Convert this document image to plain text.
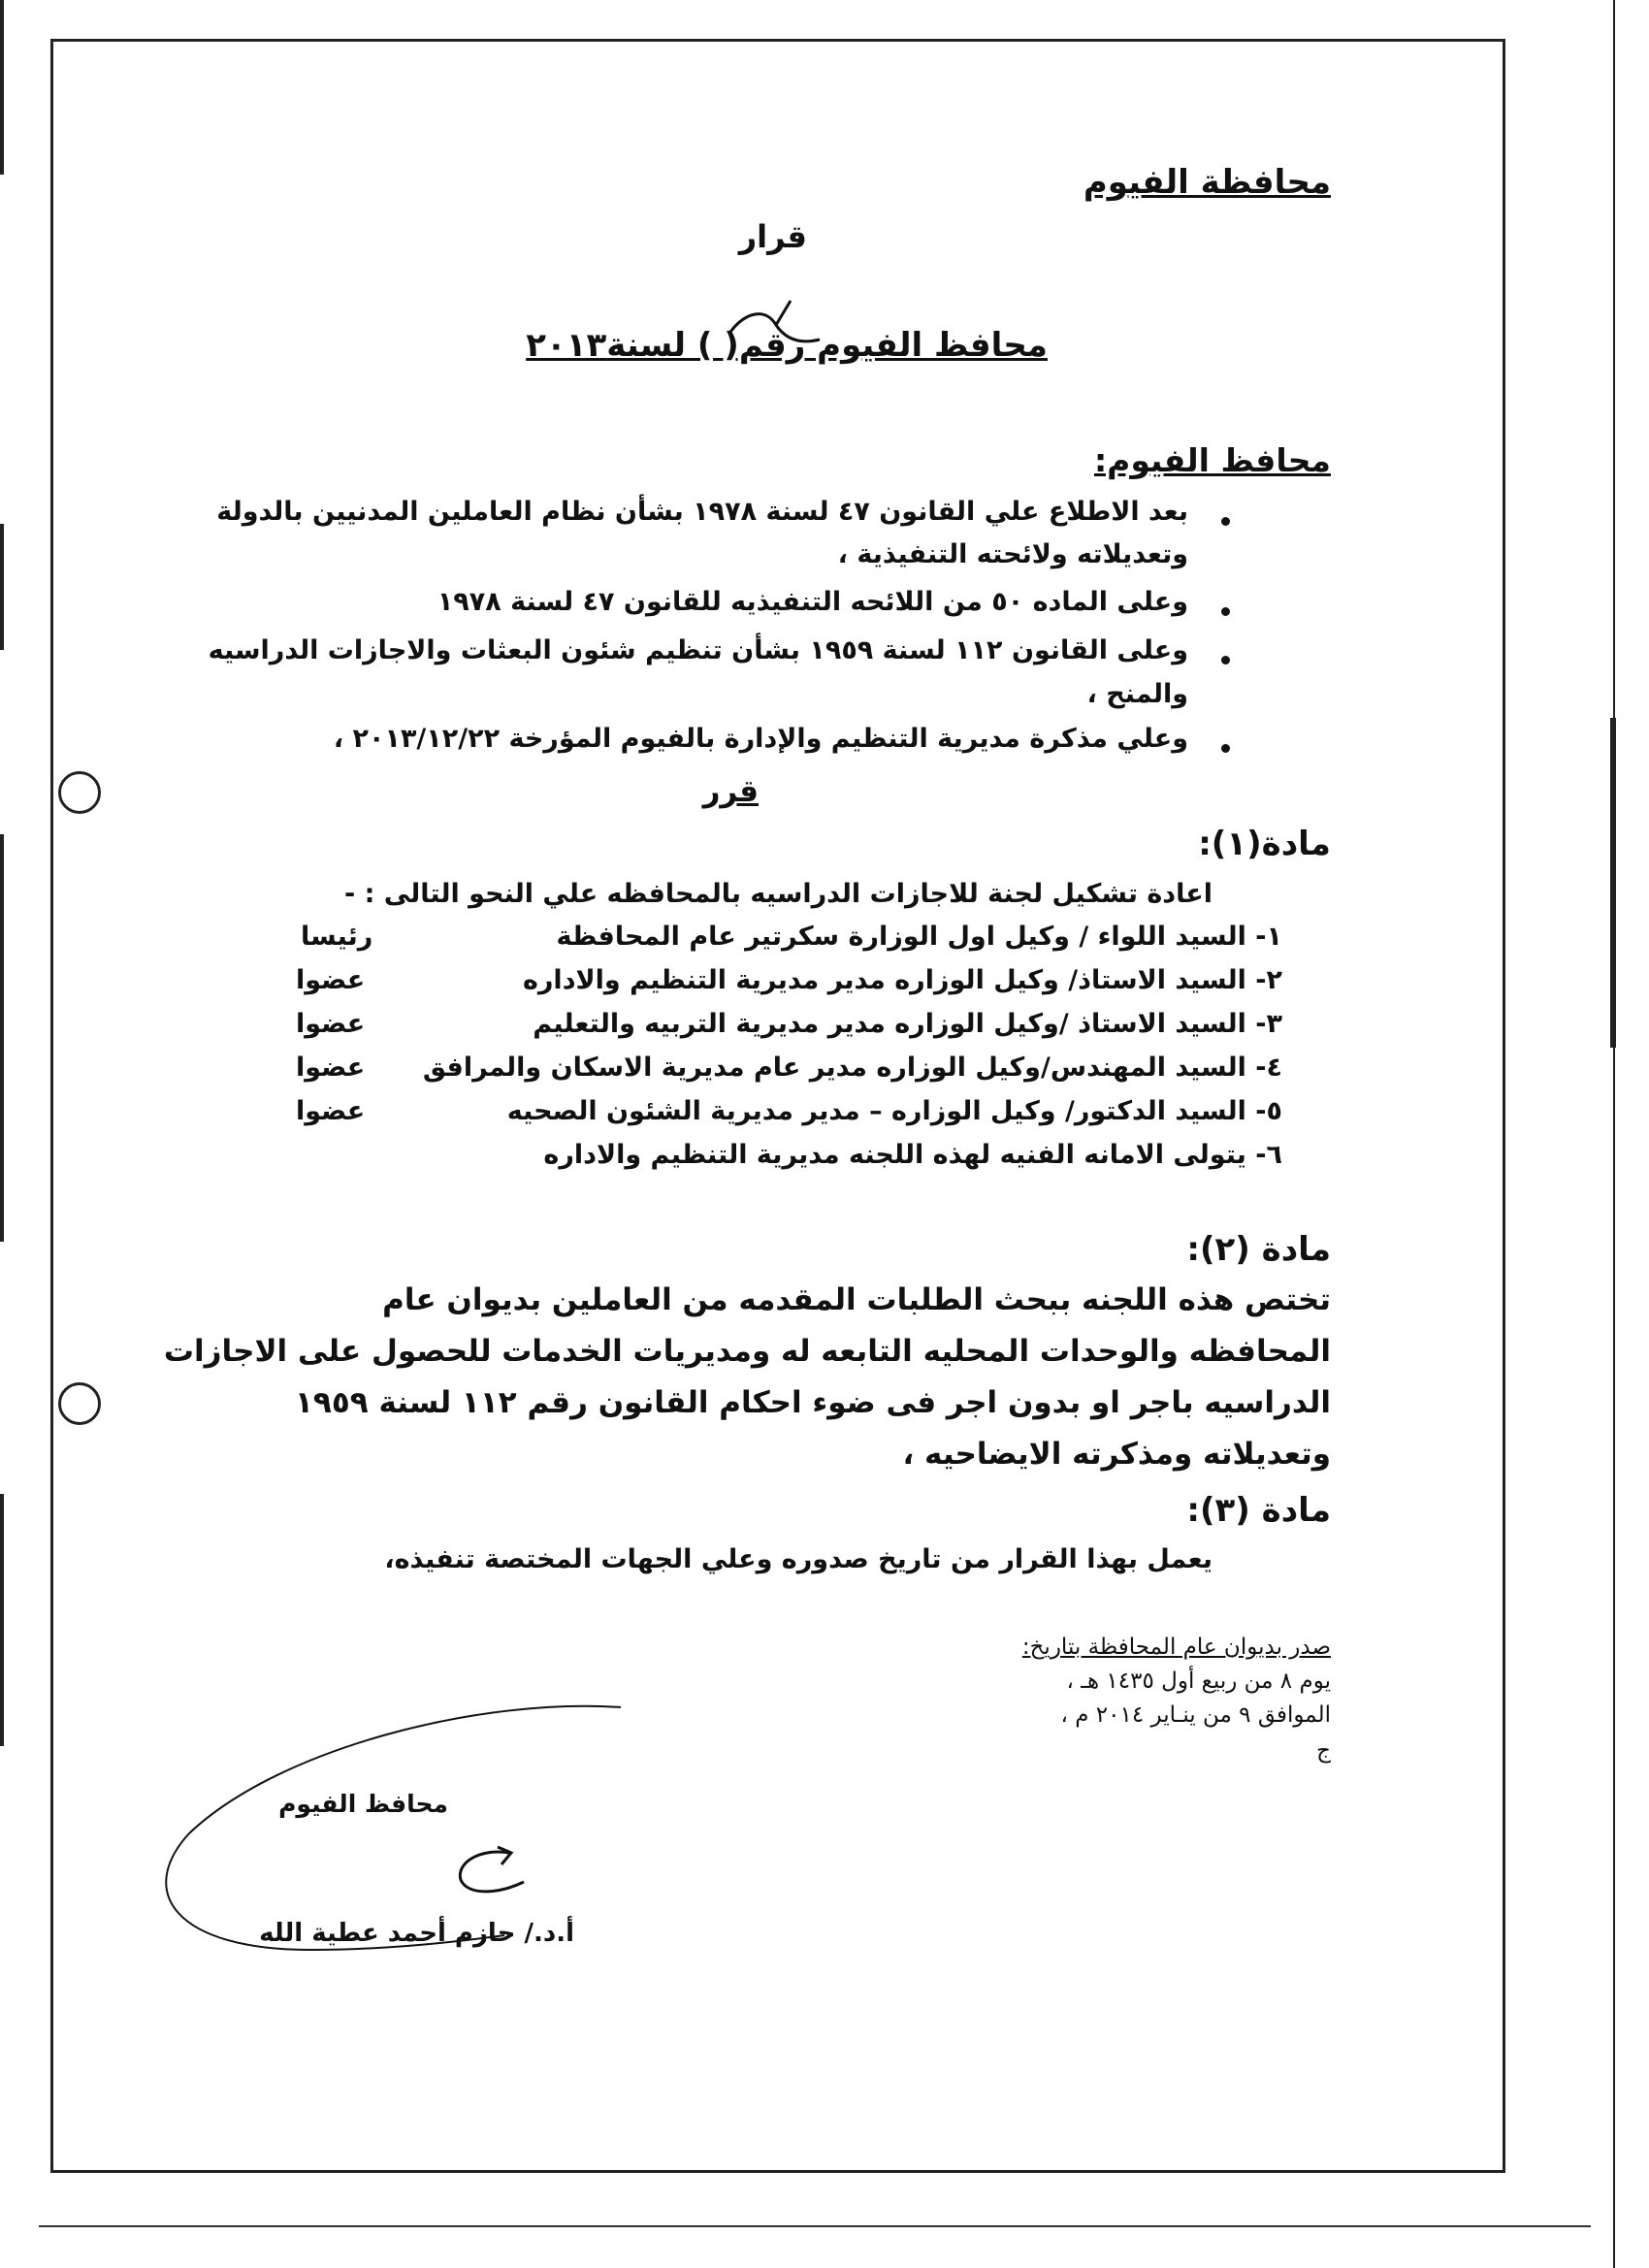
محافظة الفيوم
قرار
محافظ الفيوم رقم( ) لسنة٢٠١٣
محافظ الفيوم:
بعد الاطلاع علي القانون ٤٧ لسنة ١٩٧٨ بشأن نظام العاملين المدنيين بالدولة
وتعديلاته ولائحته التنفيذية ،
وعلى الماده ٥٠ من اللائحه التنفيذيه للقانون ٤٧ لسنة ١٩٧٨
وعلى القانون ١١٢ لسنة ١٩٥٩ بشأن تنظيم شئون البعثات والاجازات الدراسيه
والمنح ،
وعلي مذكرة مديرية التنظيم والإدارة بالفيوم المؤرخة ٢٠١٣/١٢/٢٢ ،
قرر
مادة(١):
اعادة تشكيل لجنة للاجازات الدراسيه بالمحافظه علي النحو التالى : -
١- السيد اللواء / وكيل اول الوزارة سكرتير عام المحافظة
رئيسا
٢- السيد الاستاذ/ وكيل الوزاره مدير مديرية التنظيم والاداره
عضوا
٣- السيد الاستاذ /وكيل الوزاره مدير مديرية التربيه والتعليم
عضوا
٤- السيد المهندس/وكيل الوزاره مدير عام مديرية الاسكان والمرافق
عضوا
٥- السيد الدكتور/ وكيل الوزاره – مدير مديرية الشئون الصحيه
عضوا
٦- يتولى الامانه الفنيه لهذه اللجنه مديرية التنظيم والاداره
مادة (٢):
تختص هذه اللجنه ببحث الطلبات المقدمه من العاملين بديوان عام
المحافظه والوحدات المحليه التابعه له ومديريات الخدمات للحصول على الاجازات
الدراسيه باجر او بدون اجر فى ضوء احكام القانون رقم ١١٢ لسنة ١٩٥٩
وتعديلاته ومذكرته الايضاحيه ،
مادة (٣):
يعمل بهذا القرار من تاريخ صدوره وعلي الجهات المختصة تنفيذه،
صدر بديوان عام المحافظة بتاريخ:
يوم ٨ من ربيع أول ١٤٣٥ هـ ،
الموافق ٩ من ينـاير ٢٠١٤ م ،
ج
محافظ الفيوم
أ.د./ حازم أحمد عطية الله
